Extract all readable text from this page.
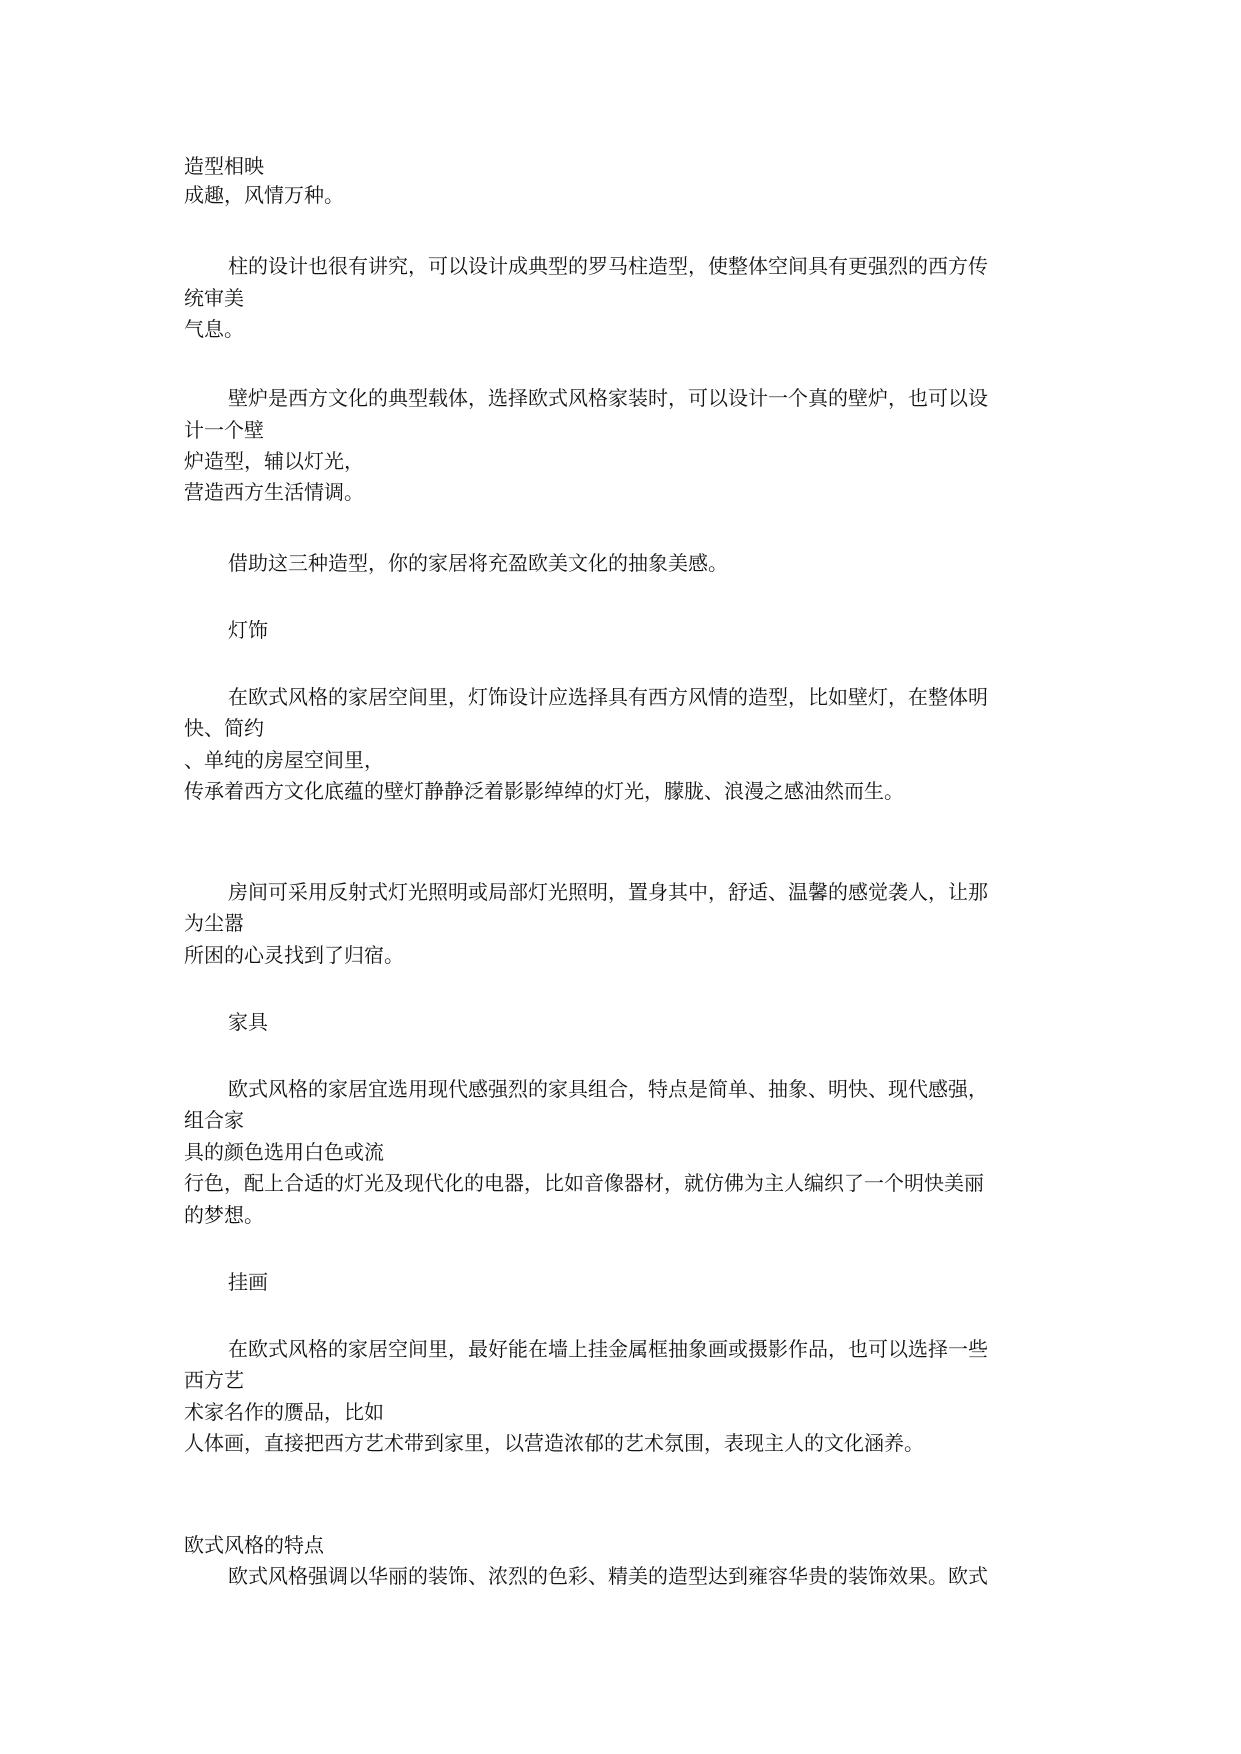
造型相映
成趣，风情万种。
柱的设计也很有讲究，可以设计成典型的罗马柱造型，使整体空间具有更强烈的西方传
统审美
气息。
壁炉是西方文化的典型载体，选择欧式风格家装时，可以设计一个真的壁炉，也可以设
计一个壁
炉造型，辅以灯光，
营造西方生活情调。
借助这三种造型，你的家居将充盈欧美文化的抽象美感。
灯饰
在欧式风格的家居空间里，灯饰设计应选择具有西方风情的造型，比如壁灯，在整体明
快、简约
、单纯的房屋空间里，
传承着西方文化底蕴的壁灯静静泛着影影绰绰的灯光，朦胧、浪漫之感油然而生。
房间可采用反射式灯光照明或局部灯光照明，置身其中，舒适、温馨的感觉袭人，让那
为尘嚣
所困的心灵找到了归宿。
家具
欧式风格的家居宜选用现代感强烈的家具组合，特点是简单、抽象、明快、现代感强，
组合家
具的颜色选用白色或流
行色，配上合适的灯光及现代化的电器，比如音像器材，就仿佛为主人编织了一个明快美丽
的梦想。
挂画
在欧式风格的家居空间里，最好能在墙上挂金属框抽象画或摄影作品，也可以选择一些
西方艺
术家名作的赝品，比如
人体画，直接把西方艺术带到家里，以营造浓郁的艺术氛围，表现主人的文化涵养。
欧式风格的特点
欧式风格强调以华丽的装饰、浓烈的色彩、精美的造型达到雍容华贵的装饰效果。欧式
